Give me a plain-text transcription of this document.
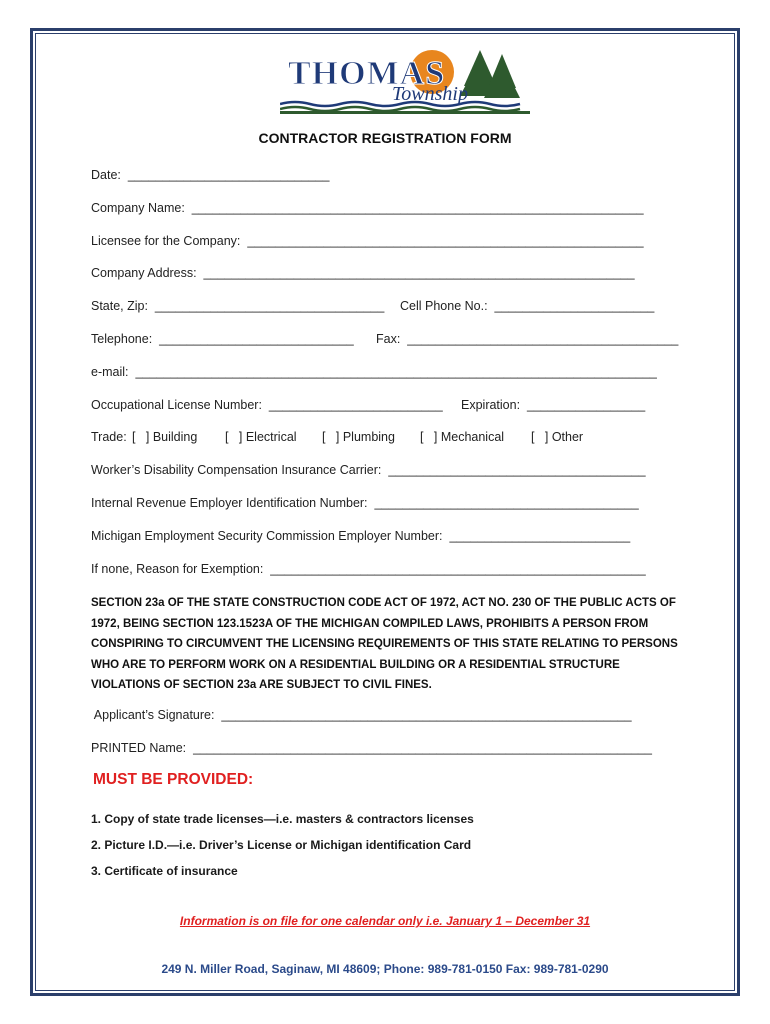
THOMAS
Township
CONTRACTOR REGISTRATION FORM
Date:  _____________________________
Company Name:  _________________________________________________________________
Licensee for the Company:  _________________________________________________________
Company Address:  ______________________________________________________________
State, Zip:  _________________________________ Cell Phone No.:  _______________________
Telephone:  ____________________________ Fax:  _______________________________________
e-mail:  ___________________________________________________________________________
Occupational License Number:  _________________________ Expiration:  _________________
Trade: [   ] Building [   ] Electrical [   ] Plumbing [   ] Mechanical [   ] Other
Worker’s Disability Compensation Insurance Carrier:  _____________________________________
Internal Revenue Employer Identification Number:  ______________________________________
Michigan Employment Security Commission Employer Number:  __________________________
If none, Reason for Exemption:  ______________________________________________________
SECTION 23a OF THE STATE CONSTRUCTION CODE ACT OF 1972, ACT NO. 230 OF THE PUBLIC ACTS OF 1972, BEING SECTION 123.1523A OF THE MICHIGAN COMPILED LAWS, PROHIBITS A PERSON FROM CONSPIRING TO CIRCUMVENT THE LICENSING REQUIREMENTS OF THIS STATE RELATING TO PERSONS WHO ARE TO PERFORM WORK ON A RESIDENTIAL BUILDING OR A RESIDENTIAL STRUCTURE VIOLATIONS OF SECTION 23a ARE SUBJECT TO CIVIL FINES.
Applicant’s Signature:  ___________________________________________________________
PRINTED Name:  __________________________________________________________________
MUST BE PROVIDED:
1. Copy of state trade licenses—i.e. masters & contractors licenses
2. Picture I.D.—i.e. Driver’s License or Michigan identification Card
3. Certificate of insurance
Information is on file for one calendar only i.e. January 1 – December 31
249 N. Miller Road, Saginaw, MI 48609; Phone: 989-781-0150 Fax: 989-781-0290
